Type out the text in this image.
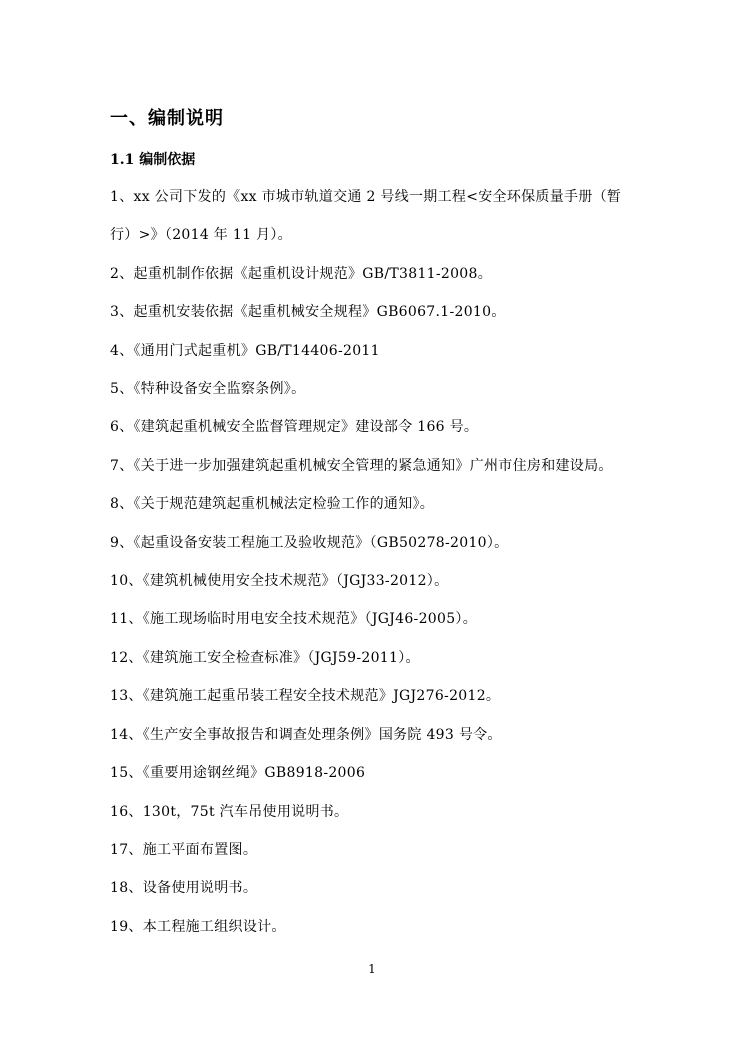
一、编制说明
1.1 编制依据
1、xx 公司下发的《xx 市城市轨道交通 2 号线一期工程<安全环保质量手册（暂
行）>》（2014 年 11 月）。
2、起重机制作依据《起重机设计规范》GB/T3811-2008。
3、起重机安装依据《起重机械安全规程》GB6067.1-2010。
4、《通用门式起重机》GB/T14406-2011
5、《特种设备安全监察条例》。
6、《建筑起重机械安全监督管理规定》建设部令 166 号。
7、《关于进一步加强建筑起重机械安全管理的紧急通知》广州市住房和建设局。
8、《关于规范建筑起重机械法定检验工作的通知》。
9、《起重设备安装工程施工及验收规范》（GB50278-2010）。
10、《建筑机械使用安全技术规范》（JGJ33-2012）。
11、《施工现场临时用电安全技术规范》（JGJ46-2005）。
12、《建筑施工安全检查标准》（JGJ59-2011）。
13、《建筑施工起重吊装工程安全技术规范》JGJ276-2012。
14、《生产安全事故报告和调查处理条例》国务院 493 号令。
15、《重要用途钢丝绳》GB8918-2006
16、130t，75t 汽车吊使用说明书。
17、施工平面布置图。
18、设备使用说明书。
19、本工程施工组织设计。
1
